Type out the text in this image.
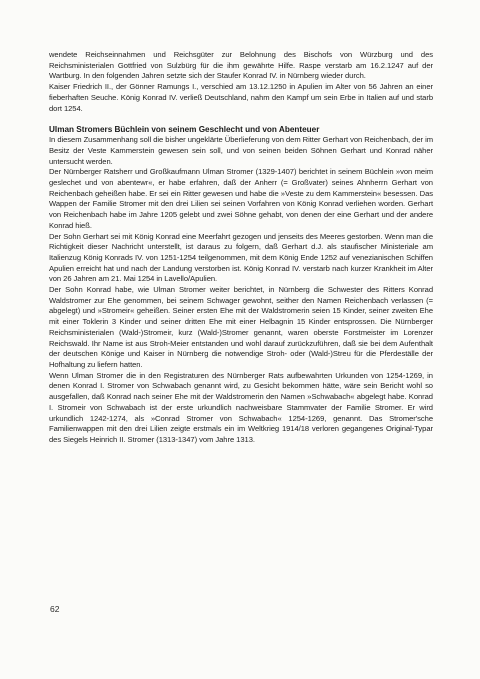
wendete Reichseinnahmen und Reichsgüter zur Belohnung des Bischofs von Würzburg und des Reichsministerialen Gottfried von Sulzbürg für die ihm gewährte Hilfe. Raspe verstarb am 16.2.1247 auf der Wartburg. In den folgenden Jahren setzte sich der Staufer Konrad IV. in Nürnberg wieder durch.

Kaiser Friedrich II., der Gönner Ramungs I., verschied am 13.12.1250 in Apulien im Alter von 56 Jahren an einer fieberhaften Seuche. König Konrad IV. verließ Deutschland, nahm den Kampf um sein Erbe in Italien auf und starb dort 1254.

Ulman Stromers Büchlein von seinem Geschlecht und von Abenteuer

In diesem Zusammenhang soll die bisher ungeklärte Überlieferung von dem Ritter Gerhart von Reichenbach, der im Besitz der Veste Kammerstein gewesen sein soll, und von seinen beiden Söhnen Gerhart und Konrad näher untersucht werden.

Der Nürnberger Ratsherr und Großkaufmann Ulman Stromer (1329-1407) berichtet in seinem Büchlein »von meim geslechet und von abentewr«, er habe erfahren, daß der Anherr (= Großvater) seines Ahnherrn Gerhart von Reichenbach geheißen habe. Er sei ein Ritter gewesen und habe die »Veste zu dem Kammerstein« besessen. Das Wappen der Familie Stromer mit den drei Lilien sei seinen Vorfahren von König Konrad verliehen worden. Gerhart von Reichenbach habe im Jahre 1205 gelebt und zwei Söhne gehabt, von denen der eine Gerhart und der andere Konrad hieß.

Der Sohn Gerhart sei mit König Konrad eine Meerfahrt gezogen und jenseits des Meeres gestorben. Wenn man die Richtigkeit dieser Nachricht unterstellt, ist daraus zu folgern, daß Gerhart d.J. als staufischer Ministeriale am Italienzug König Konrads IV. von 1251-1254 teilgenommen, mit dem König Ende 1252 auf venezianischen Schiffen Apulien erreicht hat und nach der Landung verstorben ist. König Konrad IV. verstarb nach kurzer Krankheit im Alter von 26 Jahren am 21. Mai 1254 in Lavello/Apulien.

Der Sohn Konrad habe, wie Ulman Stromer weiter berichtet, in Nürnberg die Schwester des Ritters Konrad Waldstromer zur Ehe genommen, bei seinem Schwager gewohnt, seither den Namen Reichenbach verlassen (= abgelegt) und »Stromeir« geheißen. Seiner ersten Ehe mit der Waldstromerin seien 15 Kinder, seiner zweiten Ehe mit einer Toklerin 3 Kinder und seiner dritten Ehe mit einer Helbagnin 15 Kinder entsprossen. Die Nürnberger Reichsministerialen (Wald-)Stromeir, kurz (Wald-)Stromer genannt, waren oberste Forstmeister im Lorenzer Reichswald. Ihr Name ist aus Stroh-Meier entstanden und wohl darauf zurückzuführen, daß sie bei dem Aufenthalt der deutschen Könige und Kaiser in Nürnberg die notwendige Stroh- oder (Wald-)Streu für die Pferdeställe der Hofhaltung zu liefern hatten.

Wenn Ulman Stromer die in den Registraturen des Nürnberger Rats aufbewahrten Urkunden von 1254-1269, in denen Konrad I. Stromer von Schwabach genannt wird, zu Gesicht bekommen hätte, wäre sein Bericht wohl so ausgefallen, daß Konrad nach seiner Ehe mit der Waldstromerin den Namen »Schwabach« abgelegt habe. Konrad I. Stromeir von Schwabach ist der erste urkundlich nachweisbare Stammvater der Familie Stromer. Er wird urkundlich 1242-1274, als »Conrad Stromer von Schwabach« 1254-1269, genannt. Das Stromer'sche Familienwappen mit den drei Lilien zeigte erstmals ein im Weltkrieg 1914/18 verloren gegangenes Original-Typar des Siegels Heinrich II. Stromer (1313-1347) vom Jahre 1313.

62
